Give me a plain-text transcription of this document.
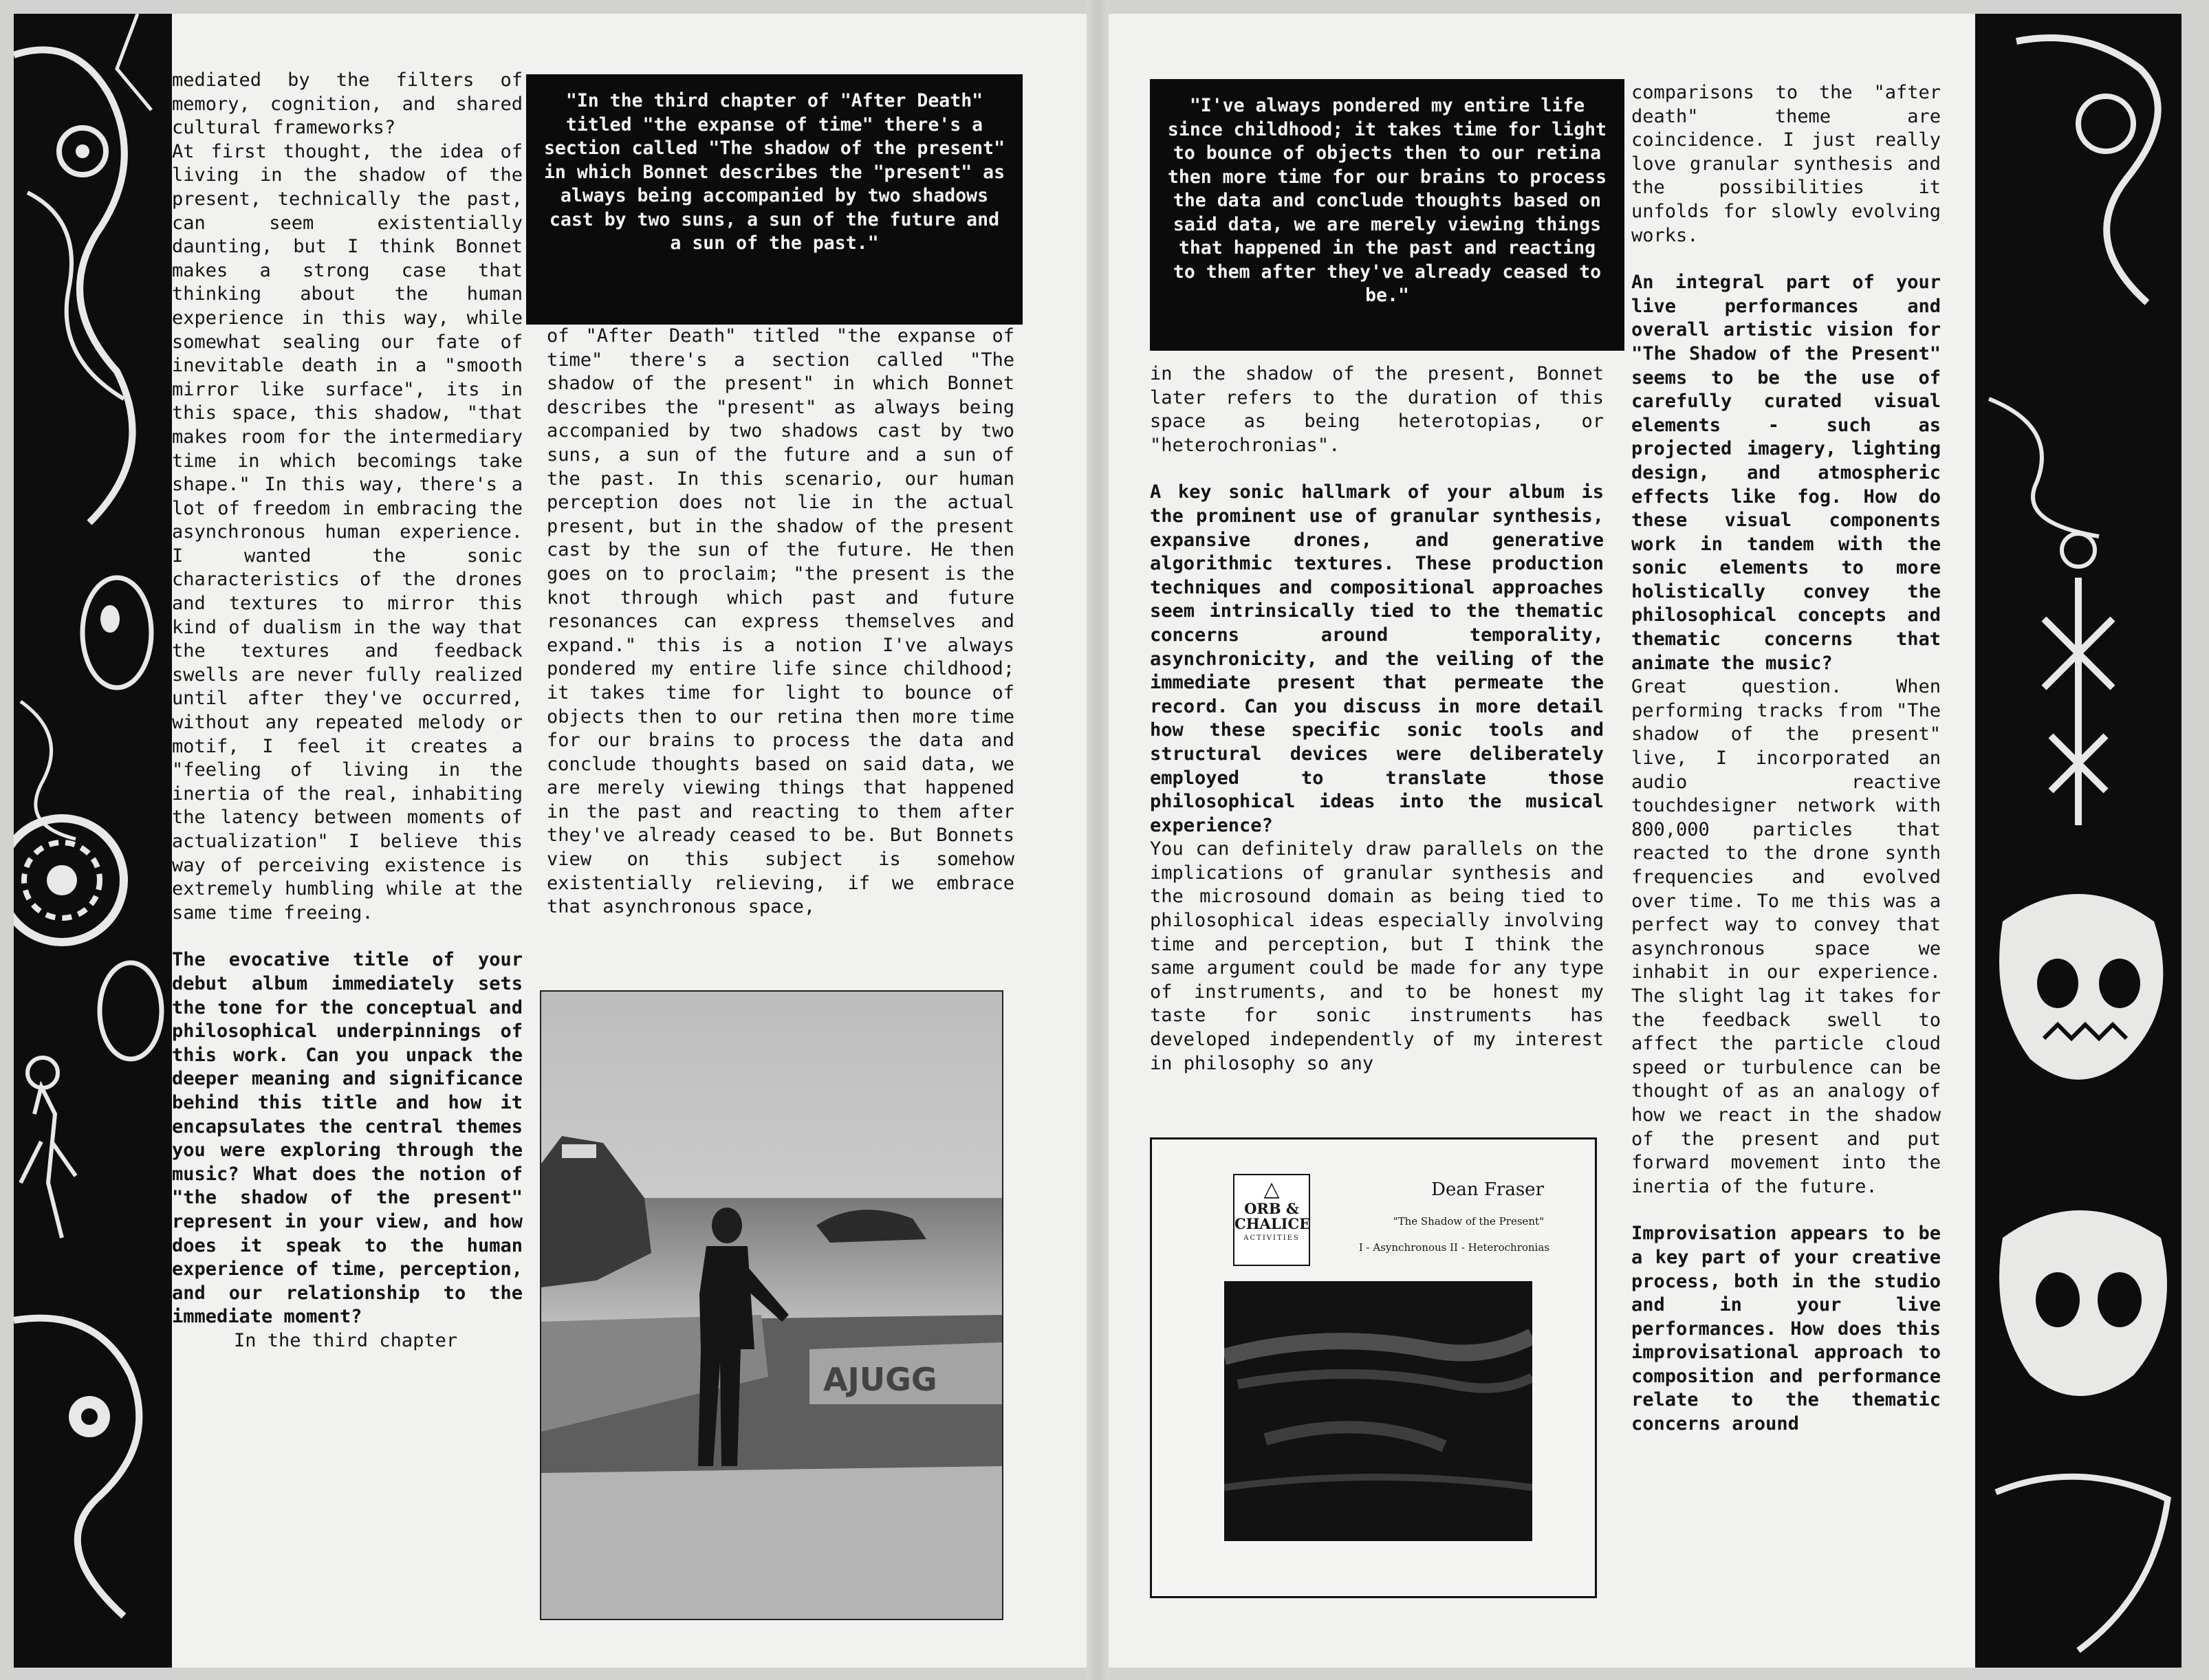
mediated by the filters of memory, cognition, and shared cultural frameworks?

At first thought, the idea of living in the shadow of the present, technically the past, can seem existentially daunting, but I think Bonnet makes a strong case that thinking about the human experience in this way, while somewhat sealing our fate of inevitable death in a "smooth mirror like surface", its in this space, this shadow, "that makes room for the intermediary time in which becomings take shape." In this way, there's a lot of freedom in embracing the asynchronous human experience. I wanted the sonic characteristics of the drones and textures to mirror this kind of dualism in the way that the textures and feedback swells are never fully realized until after they've occurred, without any repeated melody or motif, I feel it creates a "feeling of living in the inertia of the real, inhabiting the latency between moments of actualization" I believe this way of perceiving existence is extremely humbling while at the same time freeing.

The evocative title of your debut album immediately sets the tone for the conceptual and philosophical underpinnings of this work. Can you unpack the deeper meaning and significance behind this title and how it encapsulates the central themes you were exploring through the music? What does the notion of "the shadow of the present" represent in your view, and how does it speak to the human experience of time, perception, and our relationship to the immediate moment?

In the third chapter

"In the third chapter of "After Death" titled "the expanse of time" there's a section called "The shadow of the present" in which Bonnet describes the "present" as always being accompanied by two shadows cast by two suns, a sun of the future and a sun of the past."

of "After Death" titled "the expanse of time" there's a section called "The shadow of the present" in which Bonnet describes the "present" as always being accompanied by two shadows cast by two suns, a sun of the future and a sun of the past. In this scenario, our human perception does not lie in the actual present, but in the shadow of the present cast by the sun of the future. He then goes on to proclaim; "the present is the knot through which past and future resonances can express themselves and expand." this is a notion I've always pondered my entire life since childhood; it takes time for light to bounce of objects then to our retina then more time for our brains to process the data and conclude thoughts based on said data, we are merely viewing things that happened in the past and reacting to them after they've already ceased to be. But Bonnets view on this subject is somehow existentially relieving, if we embrace that asynchronous space,

AJUGG
"I've always pondered my entire life since childhood; it takes time for light to bounce of objects then to our retina then more time for our brains to process the data and conclude thoughts based on said data, we are merely viewing things that happened in the past and reacting to them after they've already ceased to be."

in the shadow of the present, Bonnet later refers to the duration of this space as being heterotopias, or "heterochronias".

A key sonic hallmark of your album is the prominent use of granular synthesis, expansive drones, and generative algorithmic textures. These production techniques and compositional approaches seem intrinsically tied to the thematic concerns around temporality, asynchronicity, and the veiling of the immediate present that permeate the record. Can you discuss in more detail how these specific sonic tools and structural devices were deliberately employed to translate those philosophical ideas into the musical experience?

You can definitely draw parallels on the implications of granular synthesis and the microsound domain as being tied to philosophical ideas especially involving time and perception, but I think the same argument could be made for any type of instruments, and to be honest my taste for sonic instruments has developed independently of my interest in philosophy so any

△
ORB &
CHALICE
ACTIVITIES
Dean Fraser
"The Shadow of the Present"
I - Asynchronous II - Heterochronias

comparisons to the "after death" theme are coincidence. I just really love granular synthesis and the possibilities it unfolds for slowly evolving works.

An integral part of your live performances and overall artistic vision for "The Shadow of the Present" seems to be the use of carefully curated visual elements - such as projected imagery, lighting design, and atmospheric effects like fog. How do these visual components work in tandem with the sonic elements to more holistically convey the philosophical concepts and thematic concerns that animate the music?

Great question. When performing tracks from "The shadow of the present" live, I incorporated an audio reactive touchdesigner network with 800,000 particles that reacted to the drone synth frequencies and evolved over time. To me this was a perfect way to convey that asynchronous space we inhabit in our experience. The slight lag it takes for the feedback swell to affect the particle cloud speed or turbulence can be thought of as an analogy of how we react in the shadow of the present and put forward movement into the inertia of the future.

Improvisation appears to be a key part of your creative process, both in the studio and in your live performances. How does this improvisational approach to composition and performance relate to the thematic concerns around
